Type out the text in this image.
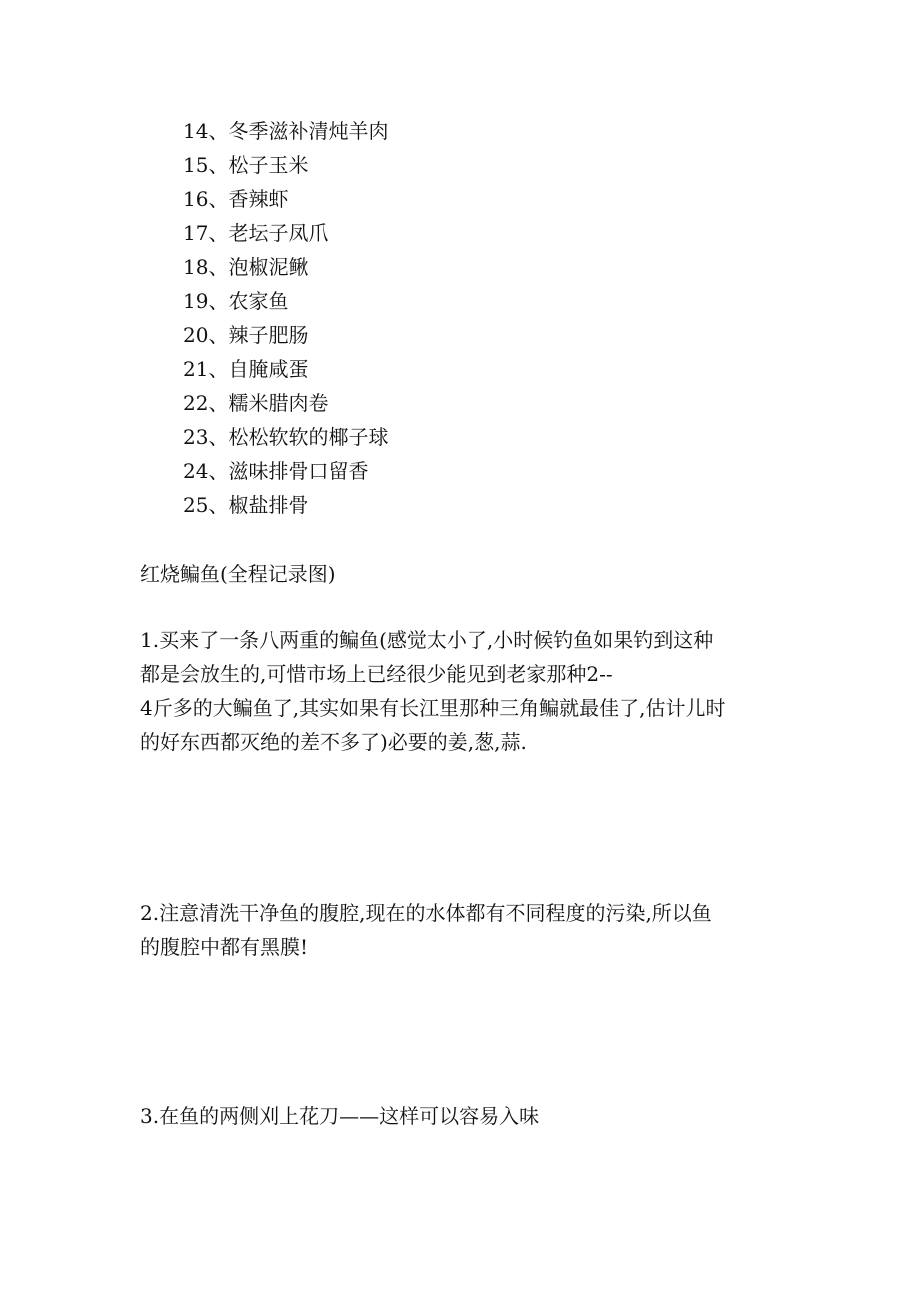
14、冬季滋补清炖羊肉
15、松子玉米
16、香辣虾
17、老坛子凤爪
18、泡椒泥鳅
19、农家鱼
20、辣子肥肠
21、自腌咸蛋
22、糯米腊肉卷
23、松松软软的椰子球
24、滋味排骨口留香
25、椒盐排骨

红烧鳊鱼(全程记录图)

1.买来了一条八两重的鳊鱼(感觉太小了,小时候钓鱼如果钓到这种
都是会放生的,可惜市场上已经很少能见到老家那种2--
4斤多的大鳊鱼了,其实如果有长江里那种三角鳊就最佳了,估计儿时
的好东西都灭绝的差不多了)必要的姜,葱,蒜.

2.注意清洗干净鱼的腹腔,现在的水体都有不同程度的污染,所以鱼
的腹腔中都有黑膜!

3.在鱼的两侧刈上花刀——这样可以容易入味
